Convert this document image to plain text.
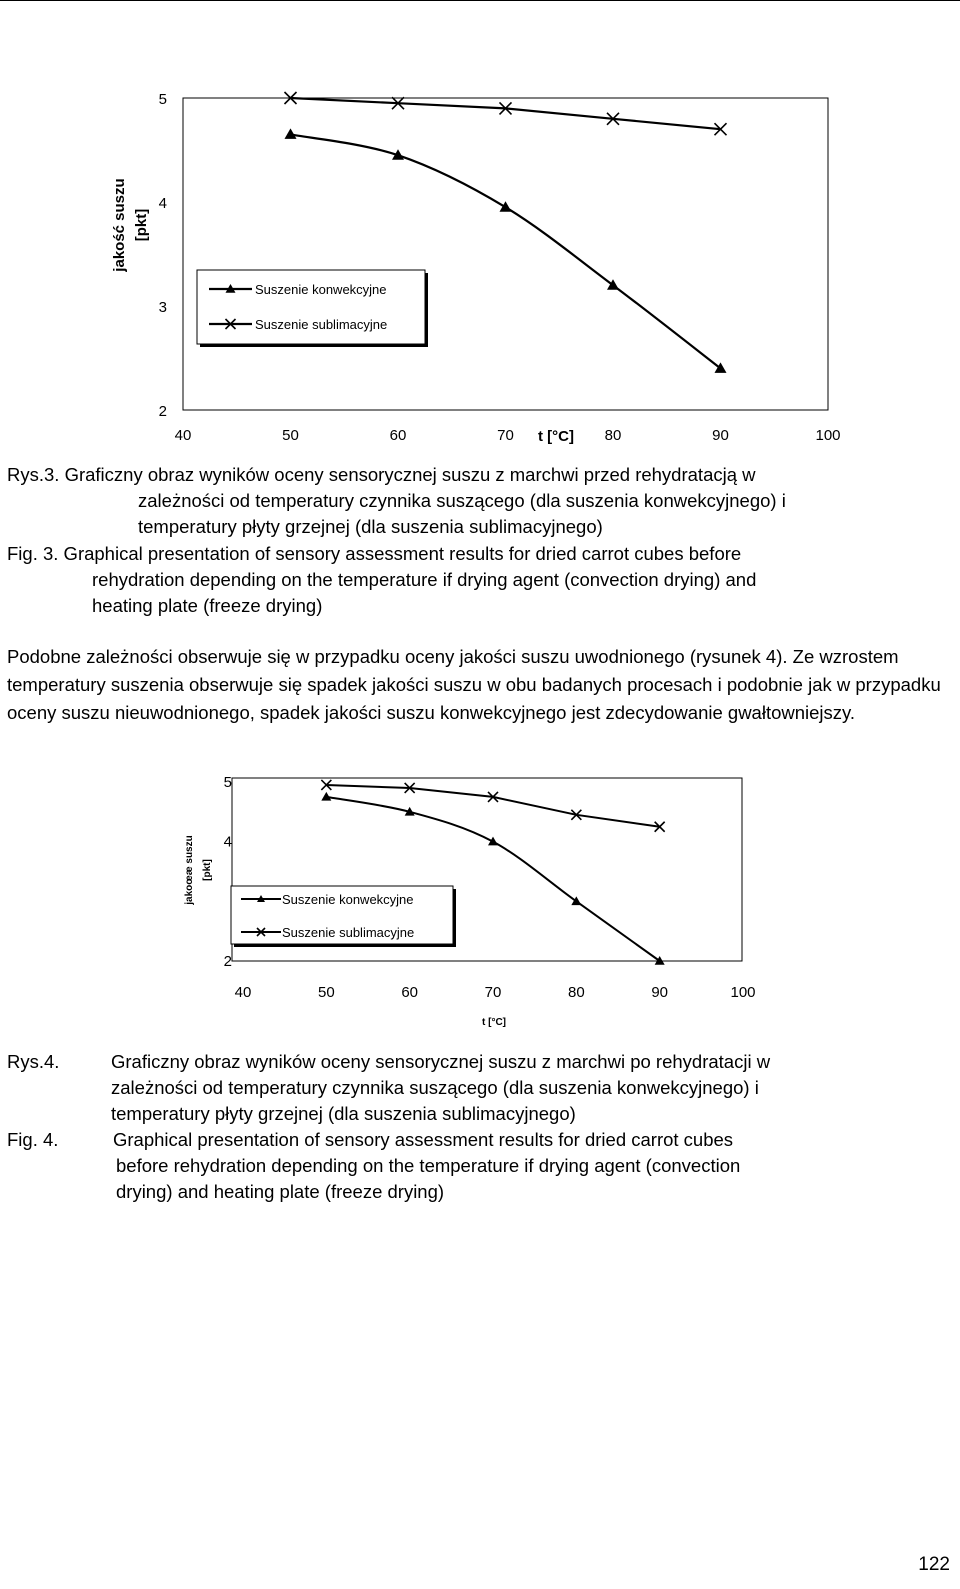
2
3
4
5
40	50	60	70	80	90	100
t [°C]
jakość suszu [pkt]
Suszenie konwekcyjne
Suszenie sublimacyjne

Rys.3. Graficzny obraz wyników oceny sensorycznej suszu z marchwi przed rehydratacją w

zależności od temperatury czynnika suszącego (dla suszenia konwekcyjnego) i

temperatury płyty grzejnej (dla suszenia sublimacyjnego)

Fig. 3. Graphical presentation of sensory assessment results for dried carrot cubes before

rehydration depending on the temperature if drying agent (convection drying) and

heating plate (freeze drying)

Podobne zależności obserwuje się w przypadku oceny jakości suszu uwodnionego (rysunek 4). Ze wzrostem temperatury suszenia obserwuje się spadek jakości suszu w obu badanych procesach i podobnie jak w przypadku oceny suszu nieuwodnionego, spadek jakości suszu konwekcyjnego jest zdecydowanie gwałtowniejszy.

2
4
5
40	50	60	70	80	90	100
t [°C]
jakoœæ suszu [pkt]
Suszenie konwekcyjne
Suszenie sublimacyjne

Rys.4.	Graficzny obraz wyników oceny sensorycznej suszu z marchwi po rehydratacji w

zależności od temperatury czynnika suszącego (dla suszenia konwekcyjnego) i

temperatury płyty grzejnej (dla suszenia sublimacyjnego)

Fig. 4.	Graphical presentation of sensory assessment results for dried carrot cubes

before rehydration depending on the temperature if drying agent (convection

drying) and heating plate (freeze drying)

122
